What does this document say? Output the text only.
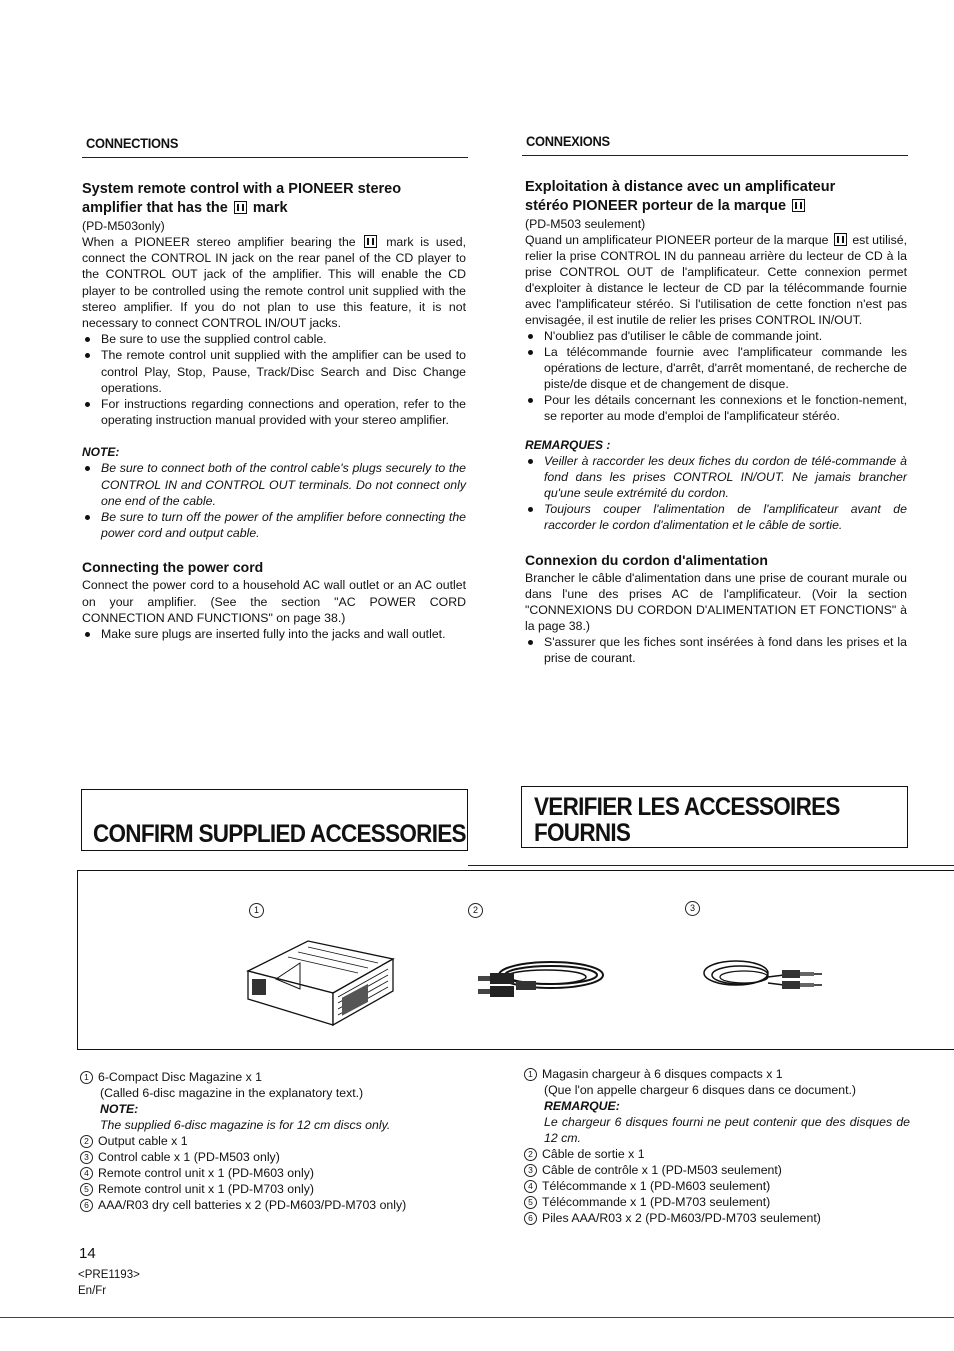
CONNECTIONS	CONNEXIONS
System remote control with a PIONEER stereo
amplifier that has the mark
(PD-M503only)
When a PIONEER stereo amplifier bearing the mark is used, connect the CONTROL IN jack on the rear panel of the CD player to the CONTROL OUT jack of the amplifier. This will enable the CD player to be controlled using the remote control unit supplied with the stereo amplifier. If you do not plan to use this feature, it is not necessary to connect CONTROL IN/OUT jacks.
Be sure to use the supplied control cable.
The remote control unit supplied with the amplifier can be used to control Play, Stop, Pause, Track/Disc Search and Disc Change operations.
For instructions regarding connections and operation, refer to the operating instruction manual provided with your stereo amplifier.
NOTE:
Be sure to connect both of the control cable's plugs securely to the CONTROL IN and CONTROL OUT terminals. Do not connect only one end of the cable.
Be sure to turn off the power of the amplifier before connecting the power cord and output cable.
Connecting the power cord
Connect the power cord to a household AC wall outlet or an AC outlet on your amplifier. (See the section "AC POWER CORD CONNECTION AND FUNCTIONS" on page 38.)
Make sure plugs are inserted fully into the jacks and wall outlet.
Exploitation à distance avec un amplificateur
stéréo PIONEER porteur de la marque
(PD-M503 seulement)
Quand un amplificateur PIONEER porteur de la marque est utilisé, relier la prise CONTROL IN du panneau arrière du lecteur de CD à la prise CONTROL OUT de l'amplificateur. Cette connexion permet d'exploiter à distance le lecteur de CD par la télécommande fournie avec l'amplificateur stéréo. Si l'utilisation de cette fonction n'est pas envisagée, il est inutile de relier les prises CONTROL IN/OUT.
N'oubliez pas d'utiliser le câble de commande joint.
La télécommande fournie avec l'amplificateur commande les opérations de lecture, d'arrêt, d'arrêt momentané, de recherche de piste/de disque et de changement de disque.
Pour les détails concernant les connexions et le fonction-nement, se reporter au mode d'emploi de l'amplificateur stéréo.
REMARQUES :
Veiller à raccorder les deux fiches du cordon de télé-commande à fond dans les prises CONTROL IN/OUT. Ne jamais brancher qu'une seule extrémité du cordon.
Toujours couper l'alimentation de l'amplificateur avant de raccorder le cordon d'alimentation et le câble de sortie.
Connexion du cordon d'alimentation
Brancher le câble d'alimentation dans une prise de courant murale ou dans l'une des prises AC de l'amplificateur. (Voir la section "CONNEXIONS DU CORDON D'ALIMENTATION ET FONCTIONS" à la page 38.)
S'assurer que les fiches sont insérées à fond dans les prises et la prise de courant.
CONFIRM SUPPLIED ACCESSORIES
VERIFIER LES ACCESSOIRES
FOURNIS
1	2	3
1 6-Compact Disc Magazine x 1
(Called 6-disc magazine in the explanatory text.)
NOTE:
The supplied 6-disc magazine is for 12 cm discs only.
2 Output cable x 1
3 Control cable x 1 (PD-M503 only)
4 Remote control unit x 1 (PD-M603 only)
5 Remote control unit x 1 (PD-M703 only)
6 AAA/R03 dry cell batteries x 2 (PD-M603/PD-M703 only)
1 Magasin chargeur à 6 disques compacts x 1
(Que l'on appelle chargeur 6 disques dans ce document.)
REMARQUE:
Le chargeur 6 disques fourni ne peut contenir que des disques de 12 cm.
2 Câble de sortie x 1
3 Câble de contrôle x 1 (PD-M503 seulement)
4 Télécommande x 1 (PD-M603 seulement)
5 Télécommande x 1 (PD-M703 seulement)
6 Piles AAA/R03 x 2 (PD-M603/PD-M703 seulement)
14
<PRE1193>
En/Fr
